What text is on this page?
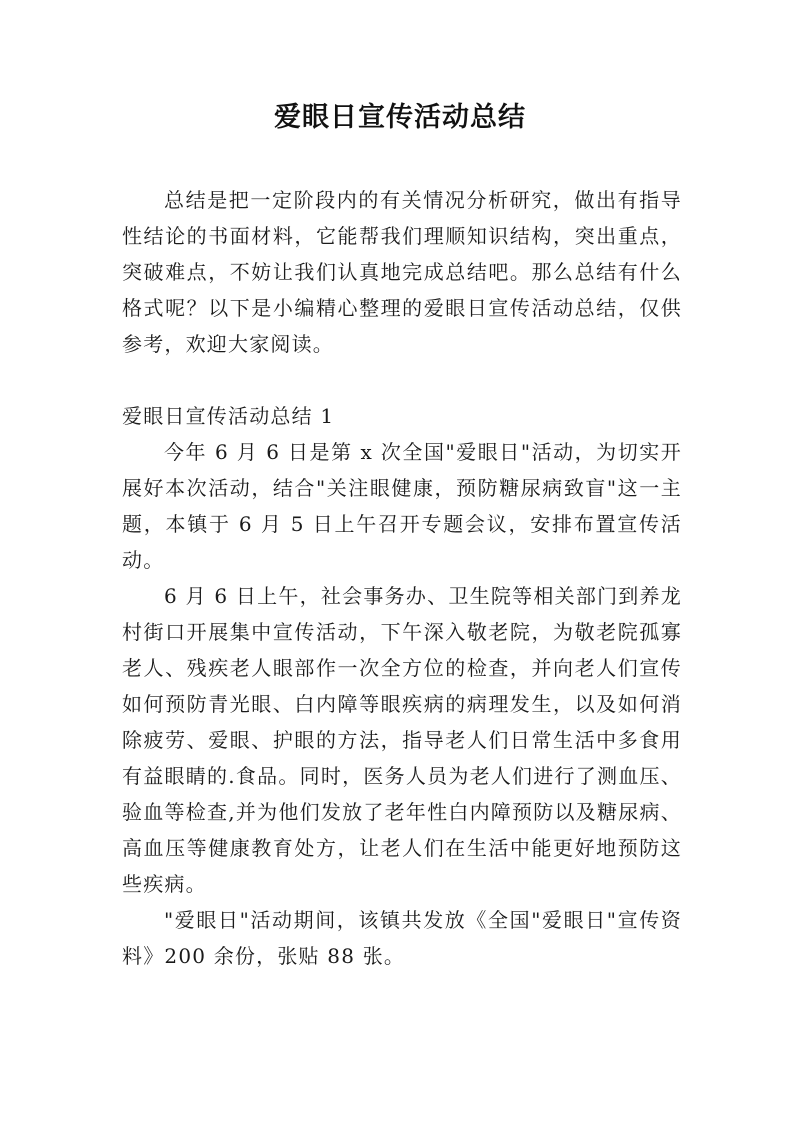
爱眼日宣传活动总结

总结是把一定阶段内的有关情况分析研究，做出有指导性结论的书面材料，它能帮我们理顺知识结构，突出重点，突破难点，不妨让我们认真地完成总结吧。那么总结有什么格式呢？以下是小编精心整理的爱眼日宣传活动总结，仅供参考，欢迎大家阅读。

爱眼日宣传活动总结 1

今年 6 月 6 日是第 x 次全国"爱眼日"活动，为切实开展好本次活动，结合"关注眼健康，预防糖尿病致盲"这一主题，本镇于 6 月 5 日上午召开专题会议，安排布置宣传活动。

6 月 6 日上午，社会事务办、卫生院等相关部门到养龙村街口开展集中宣传活动，下午深入敬老院，为敬老院孤寡老人、残疾老人眼部作一次全方位的检查，并向老人们宣传如何预防青光眼、白内障等眼疾病的病理发生，以及如何消除疲劳、爱眼、护眼的方法，指导老人们日常生活中多食用有益眼睛的.食品。同时，医务人员为老人们进行了测血压、验血等检查,并为他们发放了老年性白内障预防以及糖尿病、高血压等健康教育处方，让老人们在生活中能更好地预防这些疾病。

"爱眼日"活动期间，该镇共发放《全国"爱眼日"宣传资料》200 余份，张贴 88 张。
